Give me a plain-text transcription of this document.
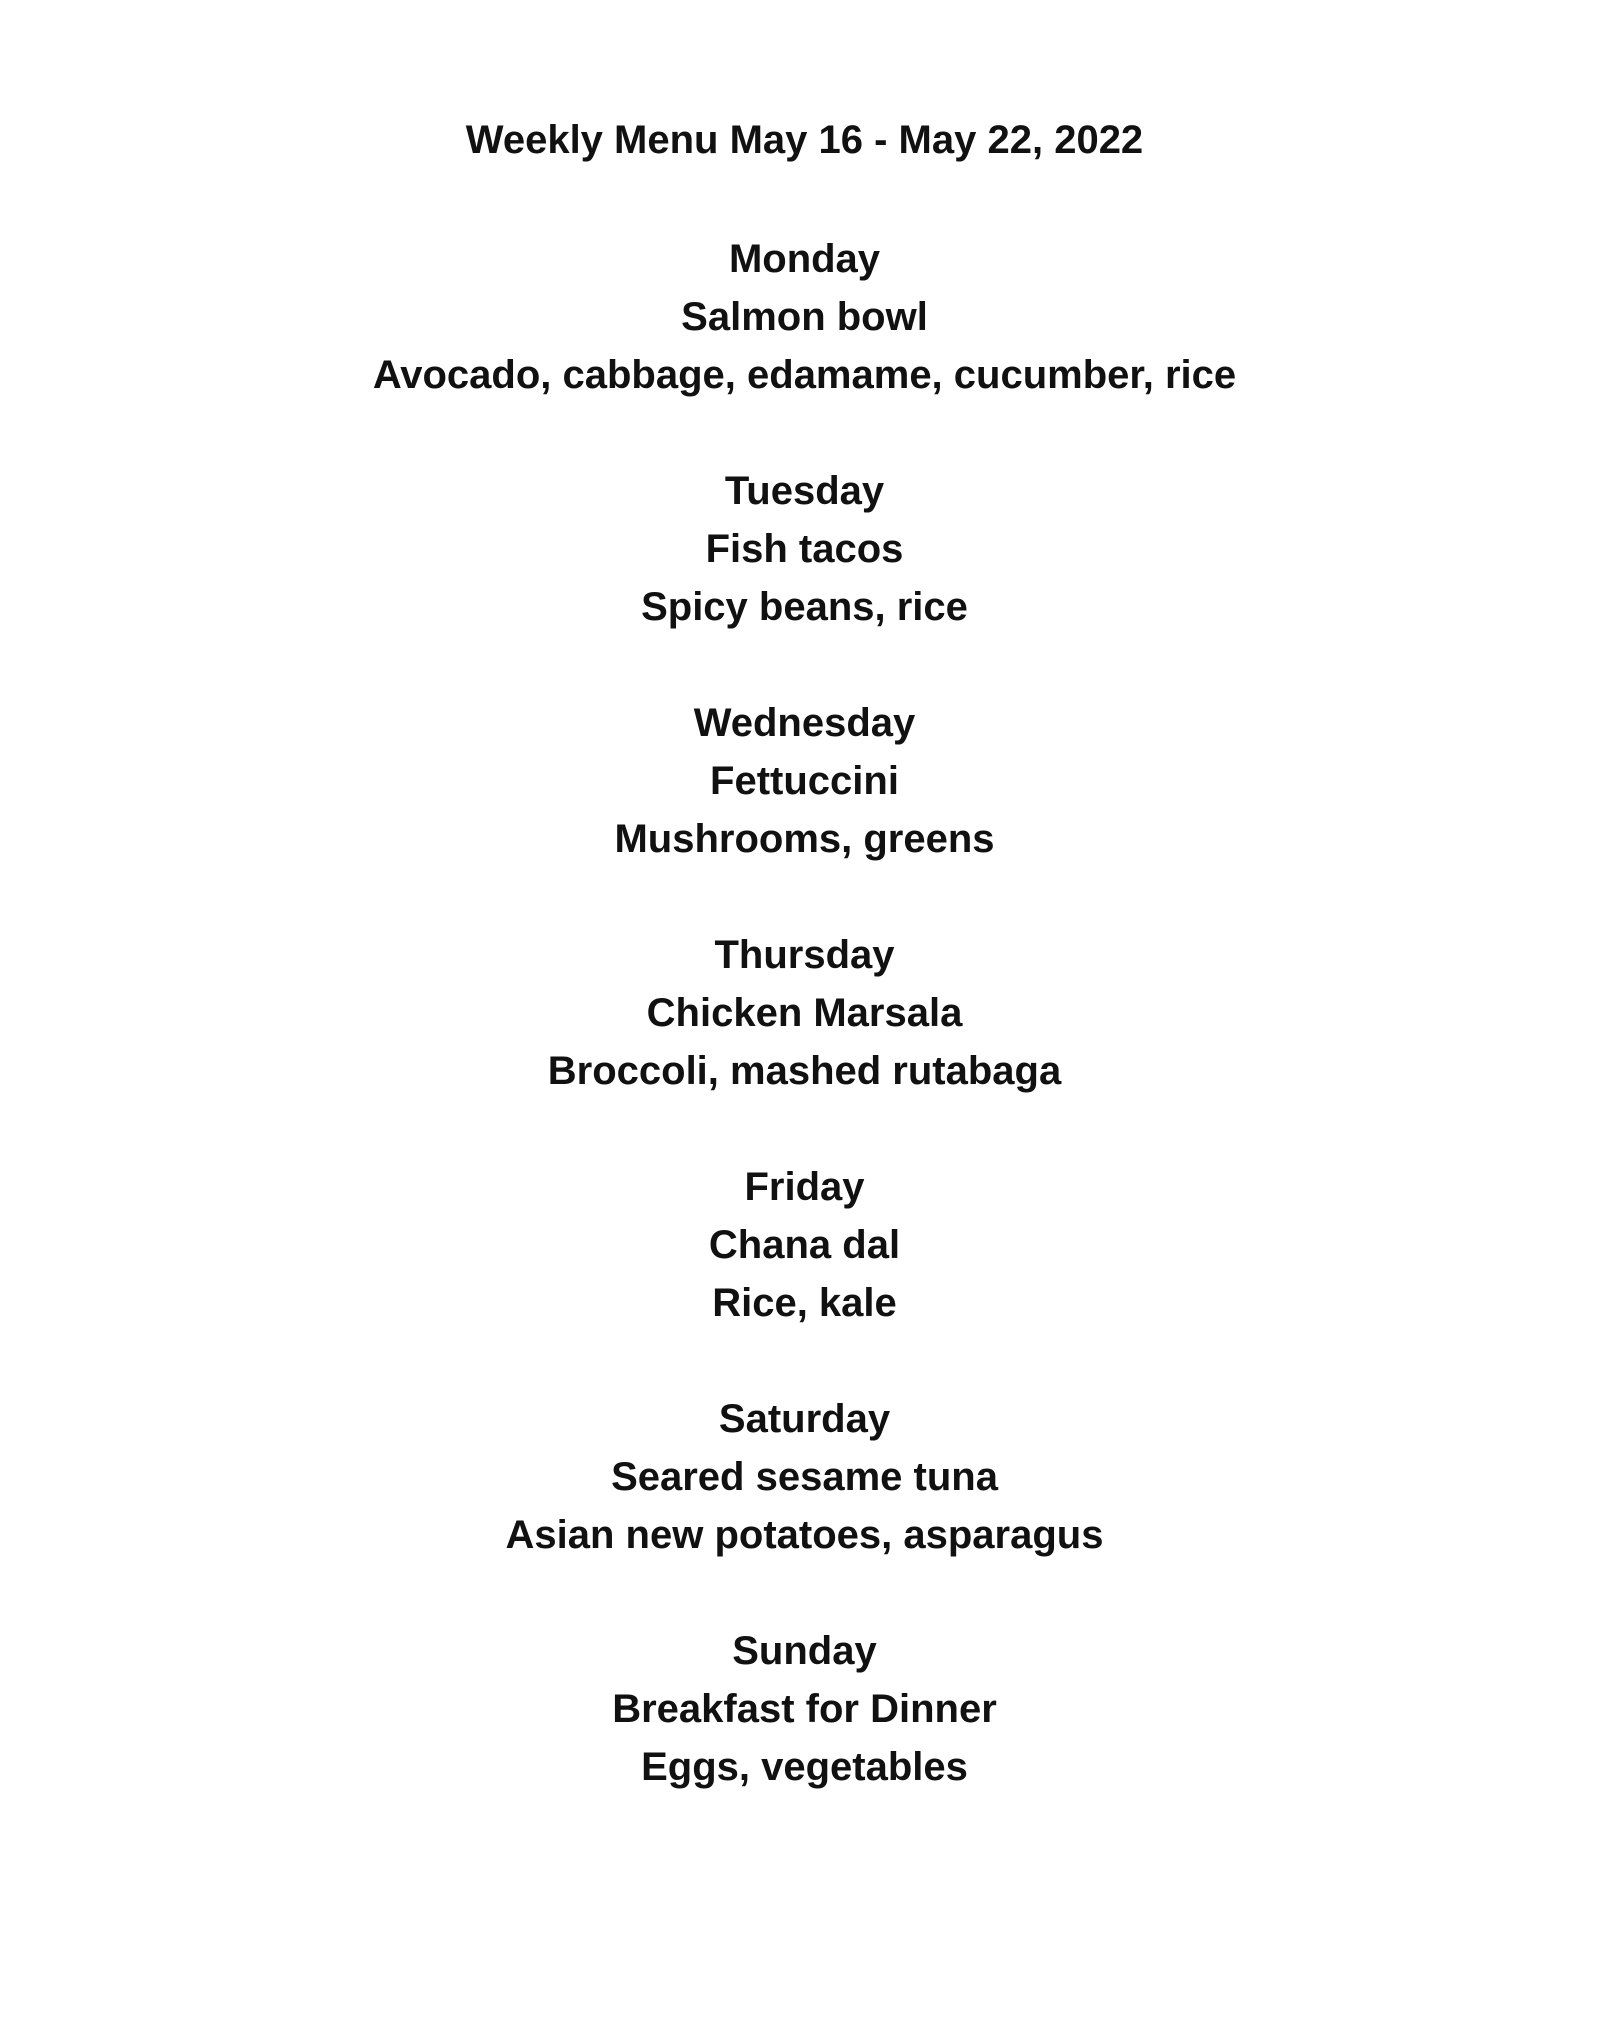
Weekly Menu May 16 - May 22, 2022
Monday
Salmon bowl
Avocado, cabbage, edamame, cucumber, rice
Tuesday
Fish tacos
Spicy beans, rice
Wednesday
Fettuccini
Mushrooms, greens
Thursday
Chicken Marsala
Broccoli, mashed rutabaga
Friday
Chana dal
Rice, kale
Saturday
Seared sesame tuna
Asian new potatoes, asparagus
Sunday
Breakfast for Dinner
Eggs, vegetables
